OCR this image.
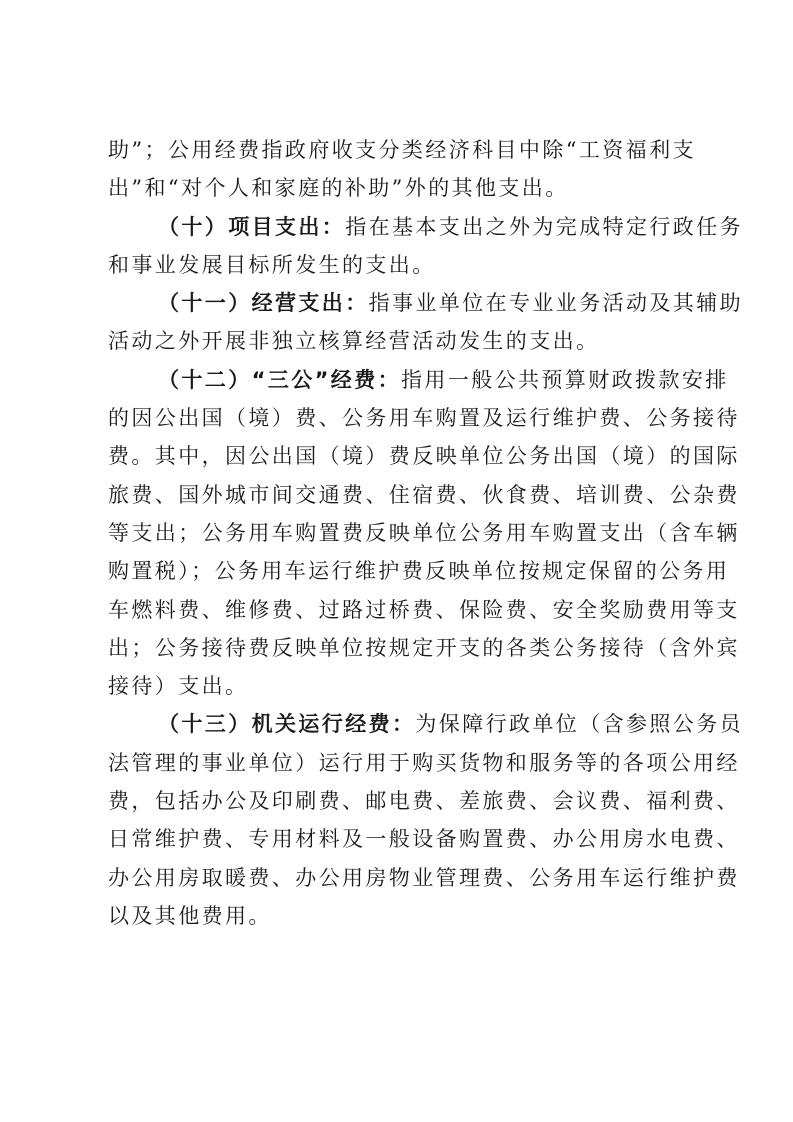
助”；公用经费指政府收支分类经济科目中除“工资福利支
出”和“对个人和家庭的补助”外的其他支出。
（十）项目支出：指在基本支出之外为完成特定行政任务
和事业发展目标所发生的支出。
（十一）经营支出：指事业单位在专业业务活动及其辅助
活动之外开展非独立核算经营活动发生的支出。
（十二）“三公”经费：指用一般公共预算财政拨款安排
的因公出国（境）费、公务用车购置及运行维护费、公务接待
费。其中，因公出国（境）费反映单位公务出国（境）的国际
旅费、国外城市间交通费、住宿费、伙食费、培训费、公杂费
等支出；公务用车购置费反映单位公务用车购置支出（含车辆
购置税）；公务用车运行维护费反映单位按规定保留的公务用
车燃料费、维修费、过路过桥费、保险费、安全奖励费用等支
出；公务接待费反映单位按规定开支的各类公务接待（含外宾
接待）支出。
（十三）机关运行经费：为保障行政单位（含参照公务员
法管理的事业单位）运行用于购买货物和服务等的各项公用经
费，包括办公及印刷费、邮电费、差旅费、会议费、福利费、
日常维护费、专用材料及一般设备购置费、办公用房水电费、
办公用房取暖费、办公用房物业管理费、公务用车运行维护费
以及其他费用。
